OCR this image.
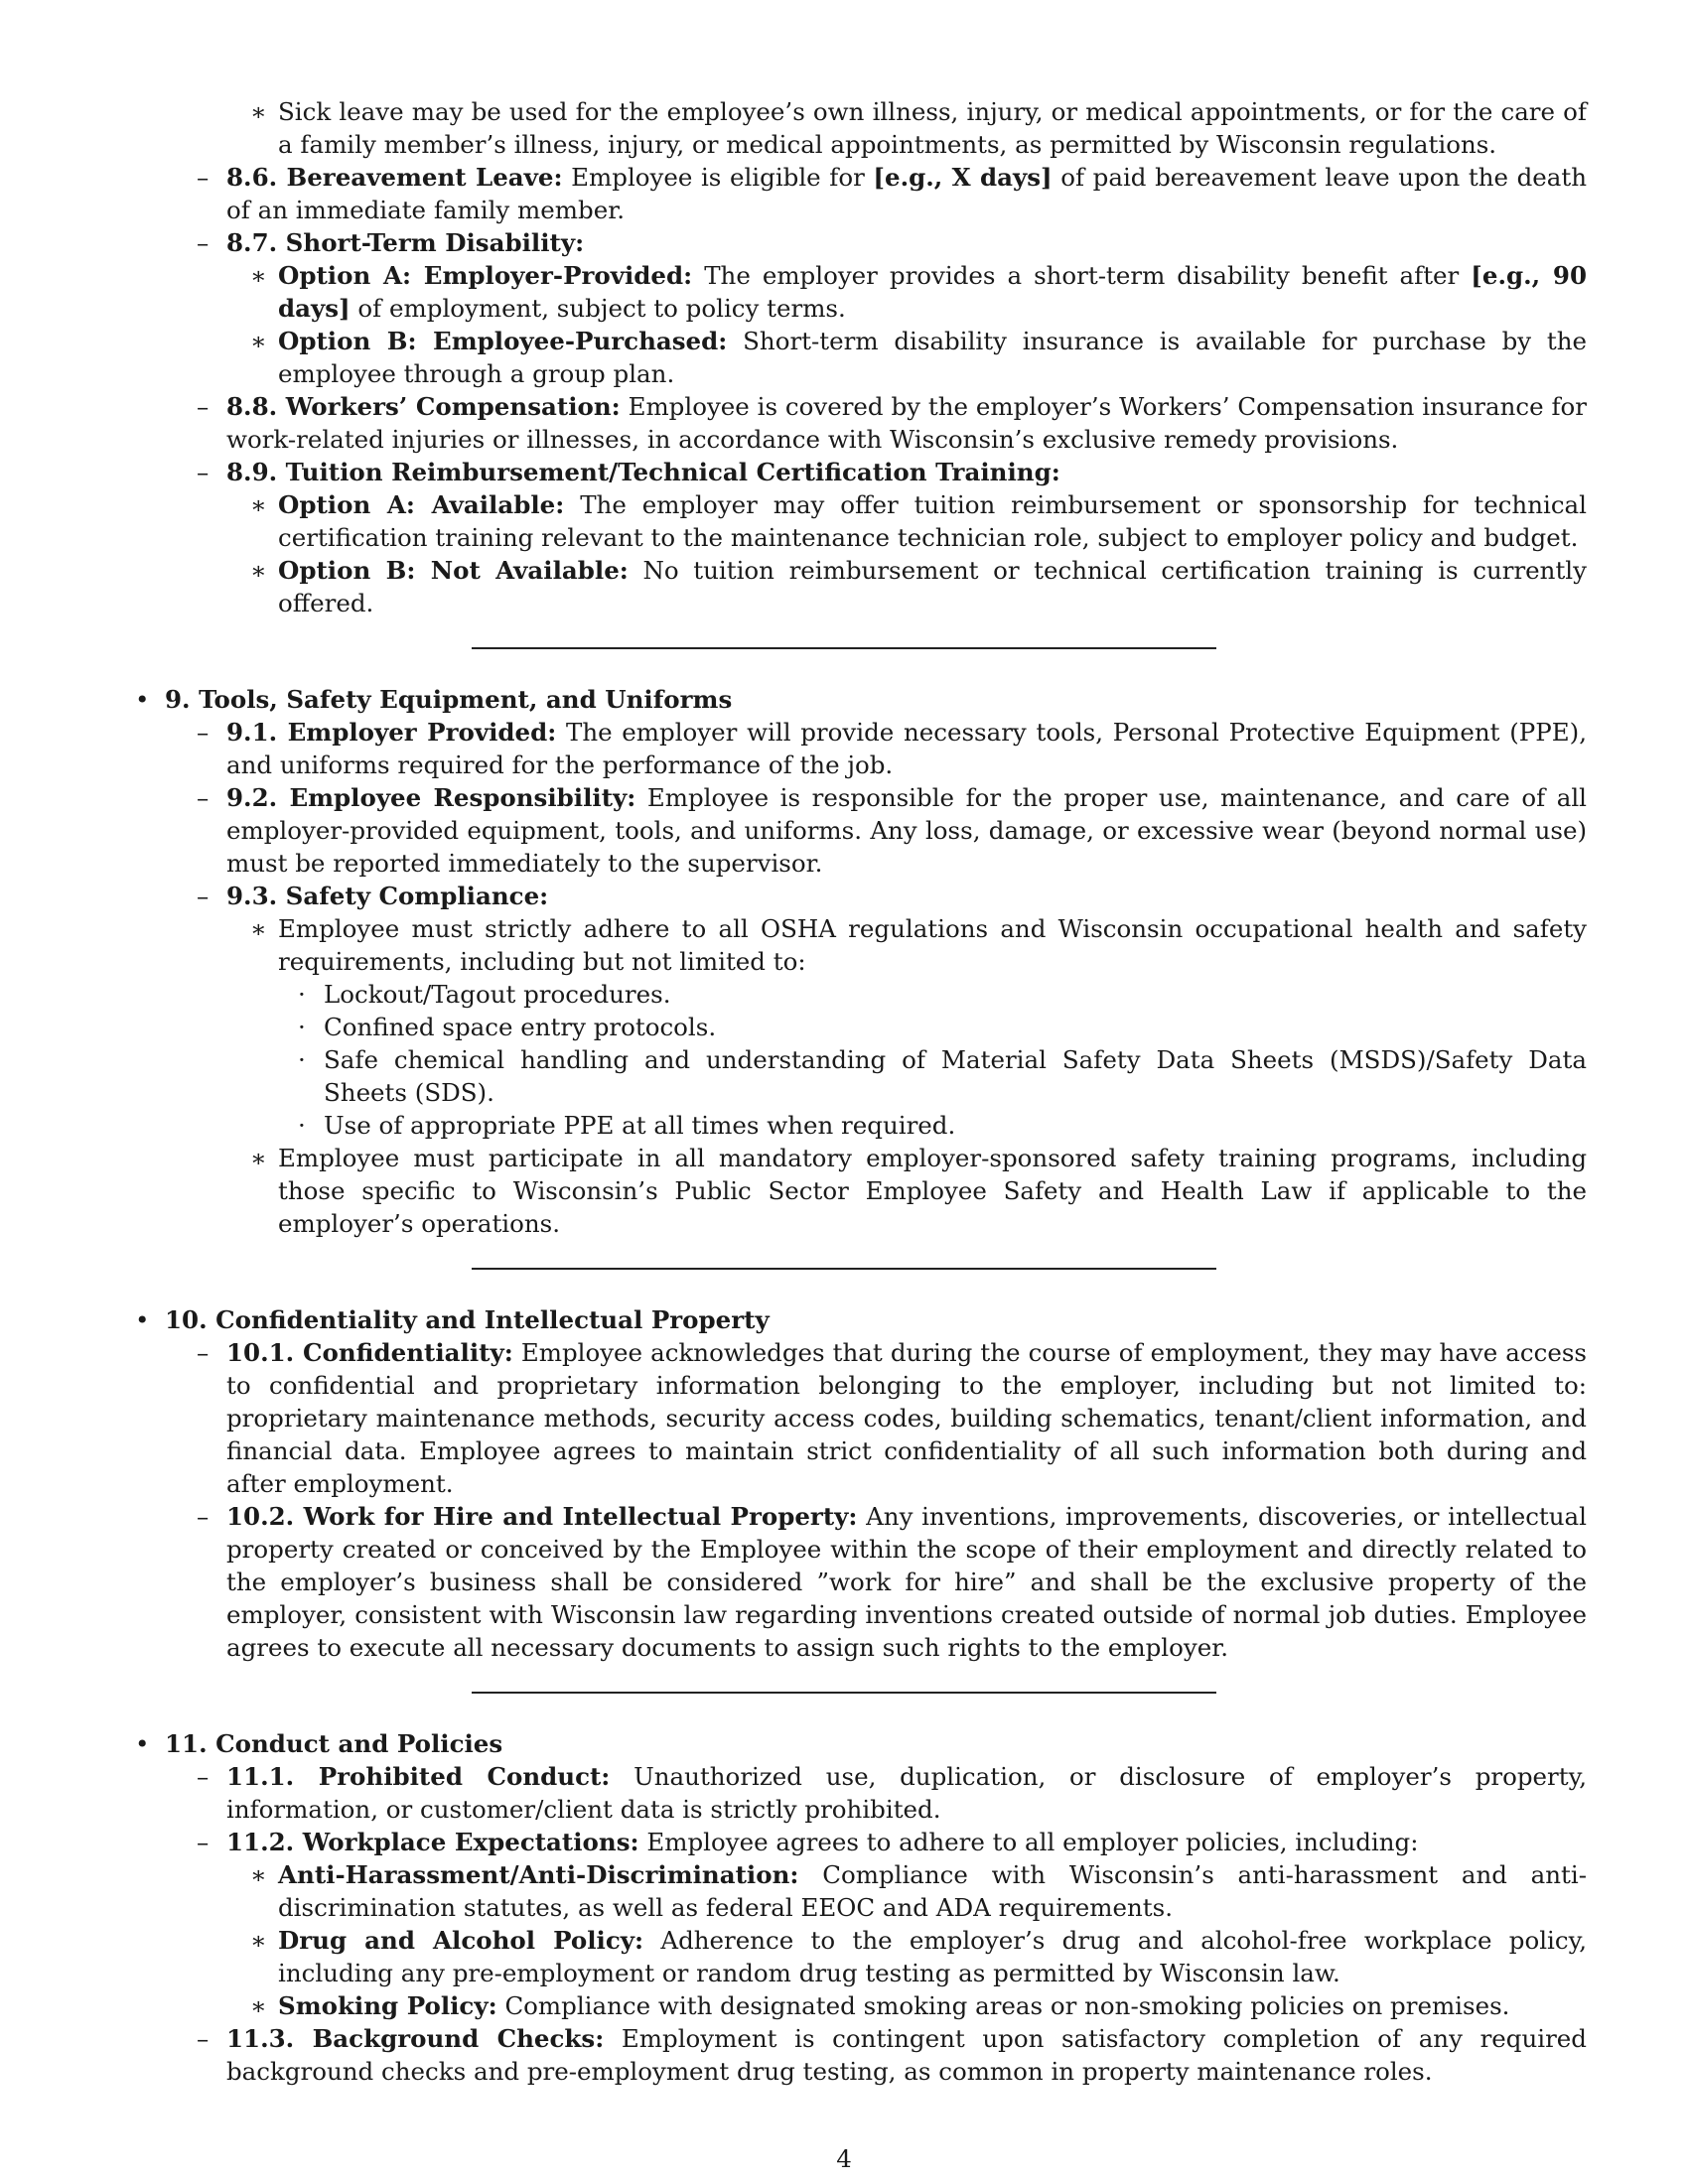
∗ Sick leave may be used for the employee’s own illness, injury, or medical appointments, or for the care of a family member’s illness, injury, or medical appointments, as permitted by Wisconsin regulations.
– 8.6. Bereavement Leave: Employee is eligible for [e.g., X days] of paid bereavement leave upon the death of an immediate family member.
– 8.7. Short-Term Disability:
∗ Option A: Employer-Provided: The employer provides a short-term disability benefit after [e.g., 90 days] of employment, subject to policy terms.
∗ Option B: Employee-Purchased: Short-term disability insurance is available for purchase by the employee through a group plan.
– 8.8. Workers’ Compensation: Employee is covered by the employer’s Workers’ Compensation insurance for work-related injuries or illnesses, in accordance with Wisconsin’s exclusive remedy provisions.
– 8.9. Tuition Reimbursement/Technical Certification Training:
∗ Option A: Available: The employer may offer tuition reimbursement or sponsorship for technical certification training relevant to the maintenance technician role, subject to employer policy and budget.
∗ Option B: Not Available: No tuition reimbursement or technical certification training is currently offered.
• 9. Tools, Safety Equipment, and Uniforms
– 9.1. Employer Provided: The employer will provide necessary tools, Personal Protective Equipment (PPE), and uniforms required for the performance of the job.
– 9.2. Employee Responsibility: Employee is responsible for the proper use, maintenance, and care of all employer-provided equipment, tools, and uniforms. Any loss, damage, or excessive wear (beyond normal use) must be reported immediately to the supervisor.
– 9.3. Safety Compliance:
∗ Employee must strictly adhere to all OSHA regulations and Wisconsin occupational health and safety requirements, including but not limited to:
· Lockout/Tagout procedures.
· Confined space entry protocols.
· Safe chemical handling and understanding of Material Safety Data Sheets (MSDS)/Safety Data Sheets (SDS).
· Use of appropriate PPE at all times when required.
∗ Employee must participate in all mandatory employer-sponsored safety training programs, including those specific to Wisconsin’s Public Sector Employee Safety and Health Law if applicable to the employer’s operations.
• 10. Confidentiality and Intellectual Property
– 10.1. Confidentiality: Employee acknowledges that during the course of employment, they may have access to confidential and proprietary information belonging to the employer, including but not limited to: proprietary maintenance methods, security access codes, building schematics, tenant/client information, and financial data. Employee agrees to maintain strict confidentiality of all such information both during and after employment.
– 10.2. Work for Hire and Intellectual Property: Any inventions, improvements, discoveries, or intellectual property created or conceived by the Employee within the scope of their employment and directly related to the employer’s business shall be considered ”work for hire” and shall be the exclusive property of the employer, consistent with Wisconsin law regarding inventions created outside of normal job duties. Employee agrees to execute all necessary documents to assign such rights to the employer.
• 11. Conduct and Policies
– 11.1. Prohibited Conduct: Unauthorized use, duplication, or disclosure of employer’s property, information, or customer/client data is strictly prohibited.
– 11.2. Workplace Expectations: Employee agrees to adhere to all employer policies, including:
∗ Anti-Harassment/Anti-Discrimination: Compliance with Wisconsin’s anti-harassment and anti-discrimination statutes, as well as federal EEOC and ADA requirements.
∗ Drug and Alcohol Policy: Adherence to the employer’s drug and alcohol-free workplace policy, including any pre-employment or random drug testing as permitted by Wisconsin law.
∗ Smoking Policy: Compliance with designated smoking areas or non-smoking policies on premises.
– 11.3. Background Checks: Employment is contingent upon satisfactory completion of any required background checks and pre-employment drug testing, as common in property maintenance roles.
4
